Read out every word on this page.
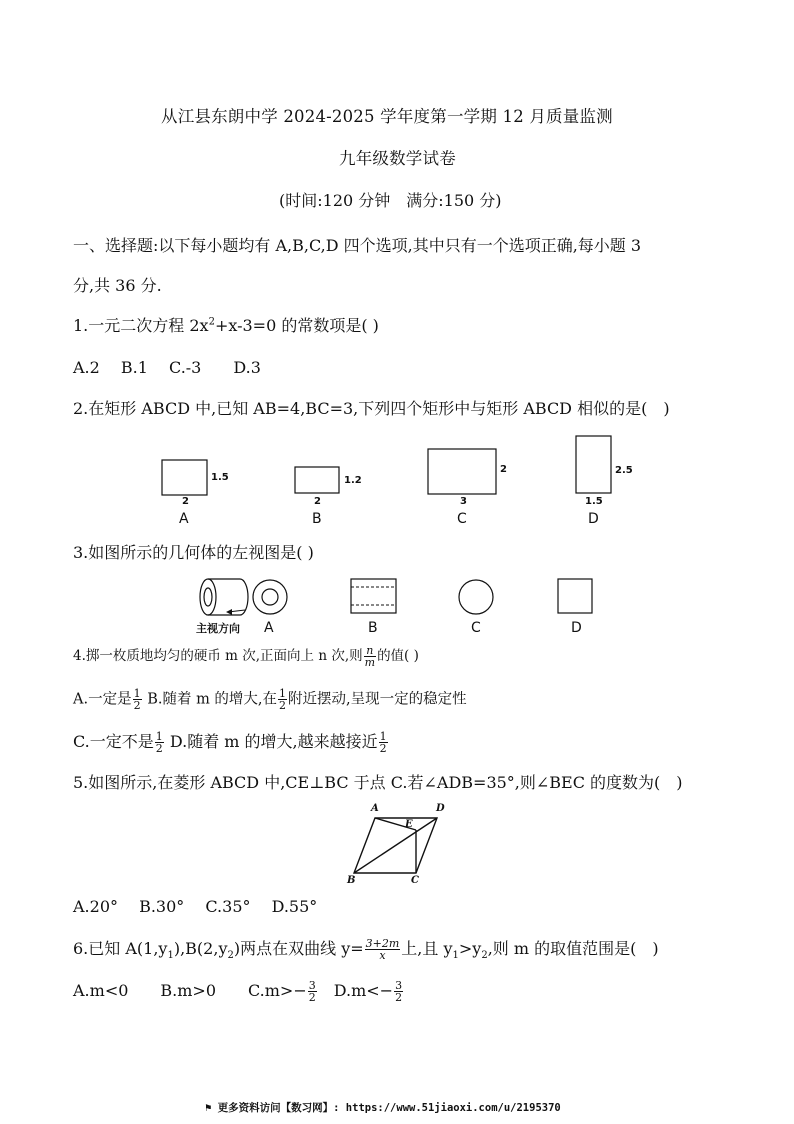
从江县东朗中学 2024-2025 学年度第一学期 12 月质量监测
九年级数学试卷
(时间:120 分钟　满分:150 分)
一、选择题:以下每小题均有 A,B,C,D 四个选项,其中只有一个选项正确,每小题 3
分,共 36 分.
1.一元二次方程 $2x^2+x-3=0$ 的常数项是( )
A.2　 B.1　 C.-3　　D.3
2.在矩形 ABCD 中,已知 AB=4,BC=3,下列四个矩形中与矩形 ABCD 相似的是(　)
1.5
2
A
1.2
2
B
2
3
C
2.5
1.5
D
3.如图所示的几何体的左视图是( )
主视方向 A	B	C	D
4.掷一枚质地均匀的硬币 m 次,正面向上 n 次,则 $\frac{n}{m}$ 的值( )
A.一定是 $\frac{1}{2} B$.随着 m 的增大,在 $\frac{1}{2}$ 附近摆动,呈现一定的稳定性
C.一定不是 $\frac{1}{2} D$.随着 m 的增大,越来越接近 $\frac{1}{2}$
5.如图所示,在菱形 ABCD 中,CE⊥BC 于点 C.若∠ADB=35°,则∠BEC 的度数为(　)
A	D
E
B	C
A.20°　 B.30°　 C.35°　 D.55°
6.已知 $A(1,y_1),B(2,y_2)$两点在双曲线 $y= \frac{3+2m}{x}$ 上,且 $y_1>y_2$,则 m 的取值范围是(　)
A.m<0　　B.m>0　　$C.m>- \frac{3}{2}$ 　$D.m<- \frac{3}{2}$
⚑ 更多资料访问【数习网】: https://www.51jiaoxi.com/u/2195370
